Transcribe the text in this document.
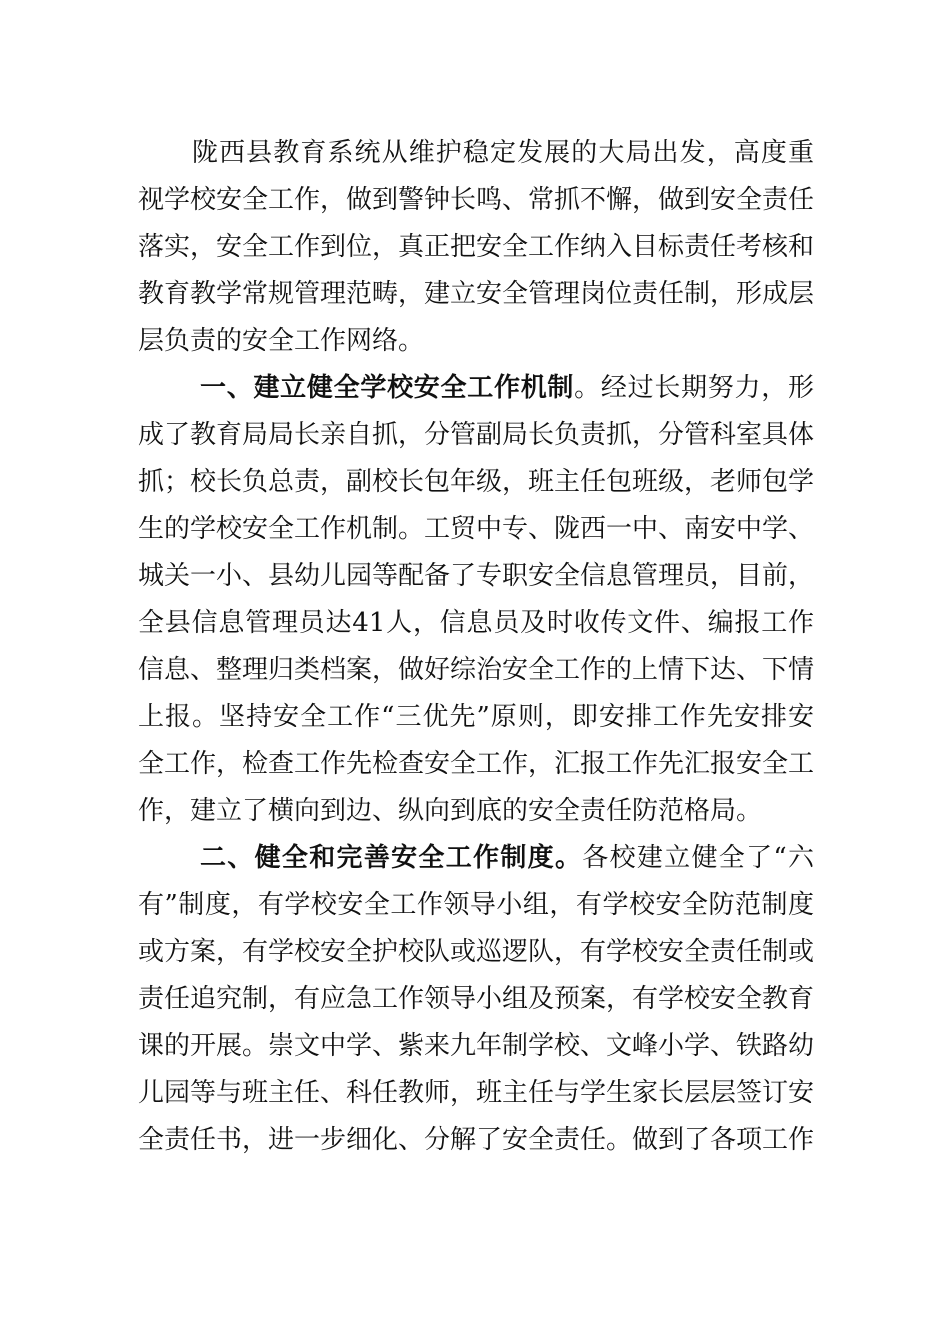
陇西县教育系统从维护稳定发展的大局出发，高度重视学校安全工作，做到警钟长鸣、常抓不懈，做到安全责任落实，安全工作到位，真正把安全工作纳入目标责任考核和教育教学常规管理范畴，建立安全管理岗位责任制，形成层层负责的安全工作网络。

一、建立健全学校安全工作机制。经过长期努力，形成了教育局局长亲自抓，分管副局长负责抓，分管科室具体抓；校长负总责，副校长包年级，班主任包班级，老师包学生的学校安全工作机制。工贸中专、陇西一中、南安中学、城关一小、县幼儿园等配备了专职安全信息管理员，目前，全县信息管理员达41人，信息员及时收传文件、编报工作信息、整理归类档案，做好综治安全工作的上情下达、下情上报。坚持安全工作“三优先”原则，即安排工作先安排安全工作，检查工作先检查安全工作，汇报工作先汇报安全工作，建立了横向到边、纵向到底的安全责任防范格局。

二、健全和完善安全工作制度。各校建立健全了“六有”制度，有学校安全工作领导小组，有学校安全防范制度或方案，有学校安全护校队或巡逻队，有学校安全责任制或责任追究制，有应急工作领导小组及预案，有学校安全教育课的开展。崇文中学、紫来九年制学校、文峰小学、铁路幼儿园等与班主任、科任教师，班主任与学生家长层层签订安全责任书，进一步细化、分解了安全责任。做到了各项工作
